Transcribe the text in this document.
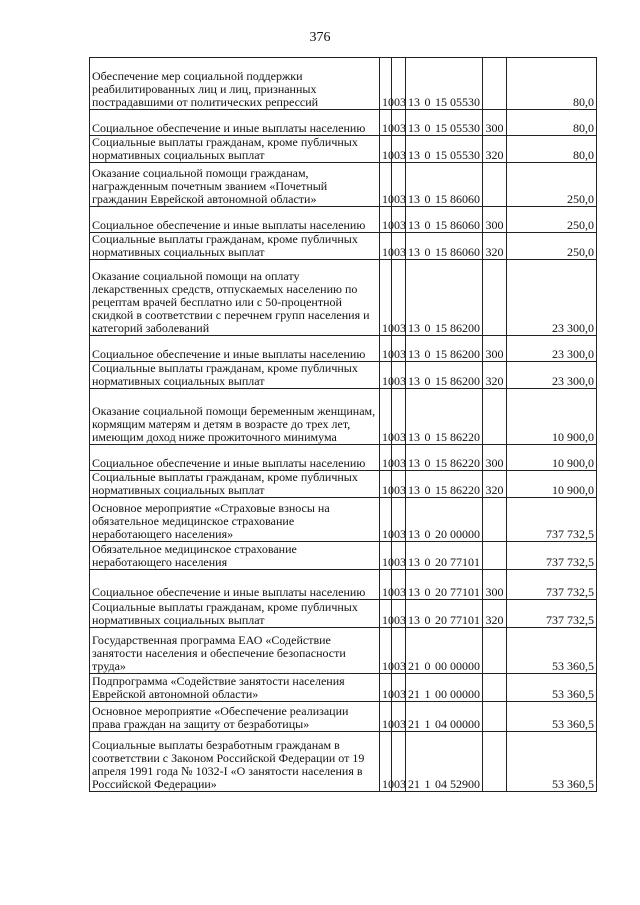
376
Обеспечение мер социальной поддержки реабилитированных лиц и лиц, признанных пострадавшими от политических репрессий	10	03	13 0 15 05530		80,0
Социальное обеспечение и иные выплаты населению	10	03	13 0 15 05530	300	80,0
Социальные выплаты гражданам, кроме публичных нормативных социальных выплат	10	03	13 0 15 05530	320	80,0
Оказание социальной помощи гражданам, награжденным почетным званием «Почетный гражданин Еврейской автономной области»	10	03	13 0 15 86060		250,0
Социальное обеспечение и иные выплаты населению	10	03	13 0 15 86060	300	250,0
Социальные выплаты гражданам, кроме публичных нормативных социальных выплат	10	03	13 0 15 86060	320	250,0
Оказание социальной помощи на оплату лекарственных средств, отпускаемых населению по рецептам врачей бесплатно или с 50-процентной скидкой в соответствии с перечнем групп населения и категорий заболеваний	10	03	13 0 15 86200		23 300,0
Социальное обеспечение и иные выплаты населению	10	03	13 0 15 86200	300	23 300,0
Социальные выплаты гражданам, кроме публичных нормативных социальных выплат	10	03	13 0 15 86200	320	23 300,0
Оказание социальной помощи беременным женщинам, кормящим матерям и детям в возрасте до трех лет, имеющим доход ниже прожиточного минимума	10	03	13 0 15 86220		10 900,0
Социальное обеспечение и иные выплаты населению	10	03	13 0 15 86220	300	10 900,0
Социальные выплаты гражданам, кроме публичных нормативных социальных выплат	10	03	13 0 15 86220	320	10 900,0
Основное мероприятие «Страховые взносы на обязательное медицинское страхование неработающего населения»	10	03	13 0 20 00000		737 732,5
Обязательное медицинское страхование неработающего населения	10	03	13 0 20 77101		737 732,5
Социальное обеспечение и иные выплаты населению	10	03	13 0 20 77101	300	737 732,5
Социальные выплаты гражданам, кроме публичных нормативных социальных выплат	10	03	13 0 20 77101	320	737 732,5
Государственная программа ЕАО «Содействие занятости населения и обеспечение безопасности труда»	10	03	21 0 00 00000		53 360,5
Подпрограмма «Содействие занятости населения Еврейской автономной области»	10	03	21 1 00 00000		53 360,5
Основное мероприятие «Обеспечение реализации права граждан на защиту от безработицы»	10	03	21 1 04 00000		53 360,5
Социальные выплаты безработным гражданам в соответствии с Законом Российской Федерации от 19 апреля 1991 года № 1032-I «О занятости населения в Российской Федерации»	10	03	21 1 04 52900		53 360,5
